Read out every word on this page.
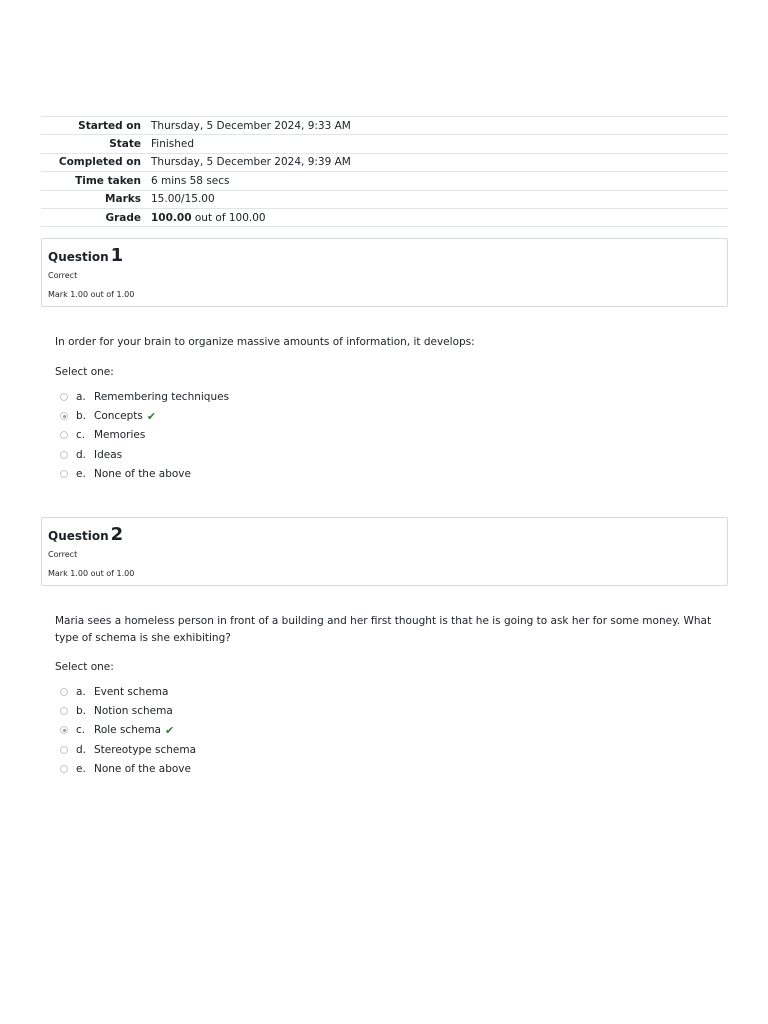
Started on	Thursday, 5 December 2024, 9:33 AM
State	Finished
Completed on	Thursday, 5 December 2024, 9:39 AM
Time taken	6 mins 58 secs
Marks	15.00/15.00
Grade	100.00 out of 100.00
Question 1
Correct
Mark 1.00 out of 1.00
In order for your brain to organize massive amounts of information, it develops:
Select one:
a. Remembering techniques
b. Concepts ✔
c. Memories
d. Ideas
e. None of the above
Question 2
Correct
Mark 1.00 out of 1.00
Maria sees a homeless person in front of a building and her first thought is that he is going to ask her for some money. What type of schema is she exhibiting?
Select one:
a. Event schema
b. Notion schema
c. Role schema ✔
d. Stereotype schema
e. None of the above
